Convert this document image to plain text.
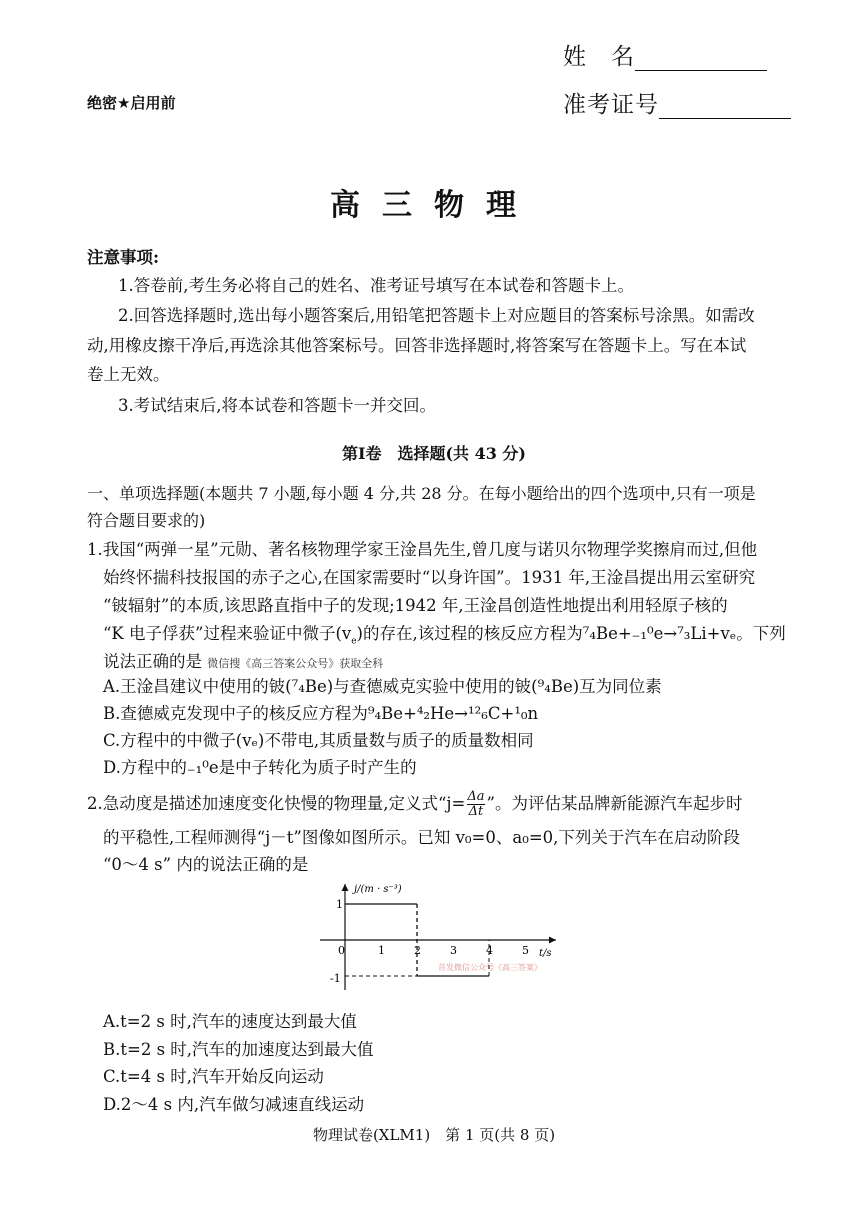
姓　名
准考证号
绝密★启用前
高三物理
注意事项:
1.答卷前,考生务必将自己的姓名、准考证号填写在本试卷和答题卡上。
2.回答选择题时,选出每小题答案后,用铅笔把答题卡上对应题目的答案标号涂黑。如需改
动,用橡皮擦干净后,再选涂其他答案标号。回答非选择题时,将答案写在答题卡上。写在本试
卷上无效。
3.考试结束后,将本试卷和答题卡一并交回。
第Ⅰ卷　选择题(共 43 分)
一、单项选择题(本题共 7 小题,每小题 4 分,共 28 分。在每小题给出的四个选项中,只有一项是
符合题目要求的)
1.我国“两弹一星”元勋、著名核物理学家王淦昌先生,曾几度与诺贝尔物理学奖擦肩而过,但他
始终怀揣科技报国的赤子之心,在国家需要时“以身许国”。1931 年,王淦昌提出用云室研究
“铍辐射”的本质,该思路直指中子的发现;1942 年,王淦昌创造性地提出利用轻原子核的
“K 电子俘获”过程来验证中微子$(v_e)$的存在,该过程的核反应方程为⁷₄Be+₋₁⁰e→⁷₃Li+vₑ。下列
说法正确的是 微信搜《高三答案公众号》获取全科
A.王淦昌建议中使用的铍(⁷₄Be)与查德威克实验中使用的铍(⁹₄Be)互为同位素
B.查德威克发现中子的核反应方程为⁹₄Be+⁴₂He→¹²₆C+¹₀n
C.方程中的中微子(vₑ)不带电,其质量数与质子的质量数相同
D.方程中的₋₁⁰e是中子转化为质子时产生的
2.急动度是描述加速度变化快慢的物理量,定义式“$j= \frac{\Delta a}{\Delta t}$ ”。为评估某品牌新能源汽车起步时
的平稳性,工程师测得“j－t”图像如图所示。已知 v₀=0、a₀=0,下列关于汽车在启动阶段
“0～4 s” 内的说法正确的是
1	2	3	4	5
j/(m · s⁻³)
t/s
0
1
-1
首发微信公众号《高三答案》
A.t=2 s 时,汽车的速度达到最大值
B.t=2 s 时,汽车的加速度达到最大值
C.t=4 s 时,汽车开始反向运动
D.2～4 s 内,汽车做匀减速直线运动
物理试卷(XLM1)　第 1 页(共 8 页)
